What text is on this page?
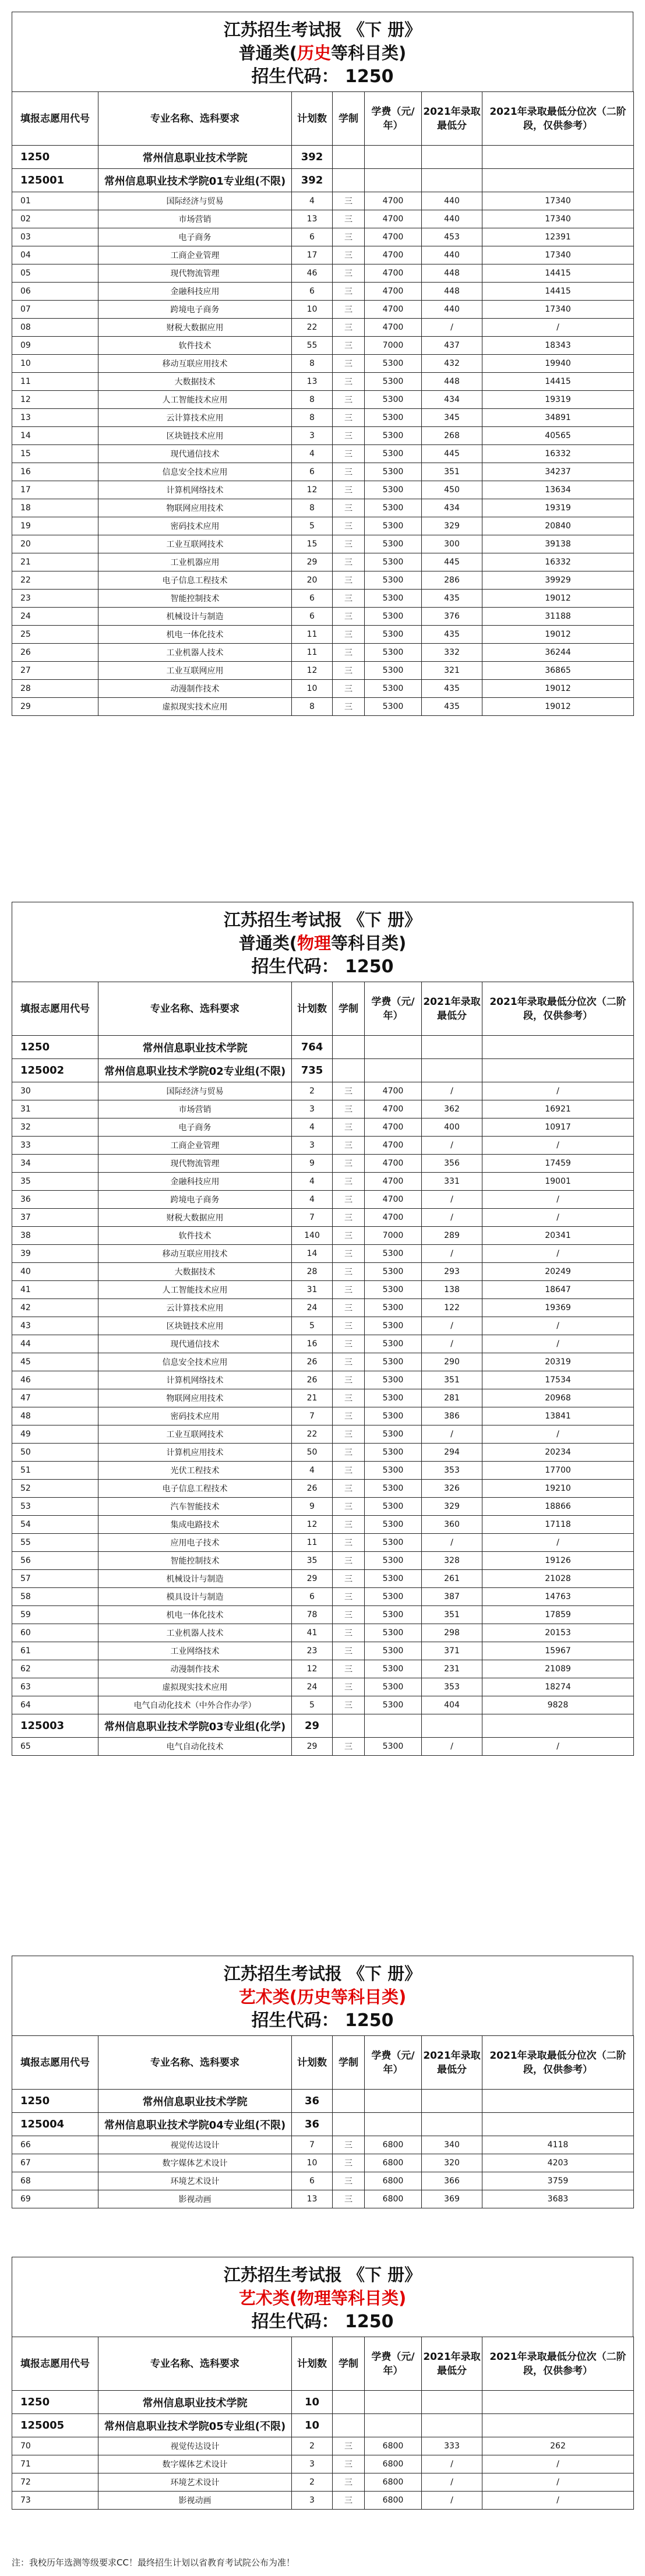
江苏招生考试报 《下 册》
普通类(历史等科目类)
招生代码： 1250
填报志愿用代号	专业名称、选科要求	计划数	学制	学费（元/年）	2021年录取最低分	2021年录取最低分位次（二阶段，仅供参考）
1250	常州信息职业技术学院	392				
125001	常州信息职业技术学院01专业组(不限)	392				
01	国际经济与贸易	4	三	4700	440	17340
02	市场营销	13	三	4700	440	17340
03	电子商务	6	三	4700	453	12391
04	工商企业管理	17	三	4700	440	17340
05	现代物流管理	46	三	4700	448	14415
06	金融科技应用	6	三	4700	448	14415
07	跨境电子商务	10	三	4700	440	17340
08	财税大数据应用	22	三	4700	/	/
09	软件技术	55	三	7000	437	18343
10	移动互联应用技术	8	三	5300	432	19940
11	大数据技术	13	三	5300	448	14415
12	人工智能技术应用	8	三	5300	434	19319
13	云计算技术应用	8	三	5300	345	34891
14	区块链技术应用	3	三	5300	268	40565
15	现代通信技术	4	三	5300	445	16332
16	信息安全技术应用	6	三	5300	351	34237
17	计算机网络技术	12	三	5300	450	13634
18	物联网应用技术	8	三	5300	434	19319
19	密码技术应用	5	三	5300	329	20840
20	工业互联网技术	15	三	5300	300	39138
21	工业机器应用	29	三	5300	445	16332
22	电子信息工程技术	20	三	5300	286	39929
23	智能控制技术	6	三	5300	435	19012
24	机械设计与制造	6	三	5300	376	31188
25	机电一体化技术	11	三	5300	435	19012
26	工业机器人技术	11	三	5300	332	36244
27	工业互联网应用	12	三	5300	321	36865
28	动漫制作技术	10	三	5300	435	19012
29	虚拟现实技术应用	8	三	5300	435	19012
江苏招生考试报 《下 册》
普通类(物理等科目类)
招生代码： 1250
填报志愿用代号	专业名称、选科要求	计划数	学制	学费（元/年）	2021年录取最低分	2021年录取最低分位次（二阶段，仅供参考）
1250	常州信息职业技术学院	764				
125002	常州信息职业技术学院02专业组(不限)	735				
30	国际经济与贸易	2	三	4700	/	/
31	市场营销	3	三	4700	362	16921
32	电子商务	4	三	4700	400	10917
33	工商企业管理	3	三	4700	/	/
34	现代物流管理	9	三	4700	356	17459
35	金融科技应用	4	三	4700	331	19001
36	跨境电子商务	4	三	4700	/	/
37	财税大数据应用	7	三	4700	/	/
38	软件技术	140	三	7000	289	20341
39	移动互联应用技术	14	三	5300	/	/
40	大数据技术	28	三	5300	293	20249
41	人工智能技术应用	31	三	5300	138	18647
42	云计算技术应用	24	三	5300	122	19369
43	区块链技术应用	5	三	5300	/	/
44	现代通信技术	16	三	5300	/	/
45	信息安全技术应用	26	三	5300	290	20319
46	计算机网络技术	26	三	5300	351	17534
47	物联网应用技术	21	三	5300	281	20968
48	密码技术应用	7	三	5300	386	13841
49	工业互联网技术	22	三	5300	/	/
50	计算机应用技术	50	三	5300	294	20234
51	光伏工程技术	4	三	5300	353	17700
52	电子信息工程技术	26	三	5300	326	19210
53	汽车智能技术	9	三	5300	329	18866
54	集成电路技术	12	三	5300	360	17118
55	应用电子技术	11	三	5300	/	/
56	智能控制技术	35	三	5300	328	19126
57	机械设计与制造	29	三	5300	261	21028
58	模具设计与制造	6	三	5300	387	14763
59	机电一体化技术	78	三	5300	351	17859
60	工业机器人技术	41	三	5300	298	20153
61	工业网络技术	23	三	5300	371	15967
62	动漫制作技术	12	三	5300	231	21089
63	虚拟现实技术应用	24	三	5300	353	18274
64	电气自动化技术（中外合作办学）	5	三	5300	404	9828
125003	常州信息职业技术学院03专业组(化学)	29				
65	电气自动化技术	29	三	5300	/	/
江苏招生考试报 《下 册》
艺术类(历史等科目类)
招生代码： 1250
填报志愿用代号	专业名称、选科要求	计划数	学制	学费（元/年）	2021年录取最低分	2021年录取最低分位次（二阶段，仅供参考）
1250	常州信息职业技术学院	36				
125004	常州信息职业技术学院04专业组(不限)	36				
66	视觉传达设计	7	三	6800	340	4118
67	数字媒体艺术设计	10	三	6800	320	4203
68	环境艺术设计	6	三	6800	366	3759
69	影视动画	13	三	6800	369	3683
江苏招生考试报 《下 册》
艺术类(物理等科目类)
招生代码： 1250
填报志愿用代号	专业名称、选科要求	计划数	学制	学费（元/年）	2021年录取最低分	2021年录取最低分位次（二阶段，仅供参考）
1250	常州信息职业技术学院	10				
125005	常州信息职业技术学院05专业组(不限)	10				
70	视觉传达设计	2	三	6800	333	262
71	数字媒体艺术设计	3	三	6800	/	/
72	环境艺术设计	2	三	6800	/	/
73	影视动画	3	三	6800	/	/
注：我校历年选测等级要求CC！最终招生计划以省教育考试院公布为准！
